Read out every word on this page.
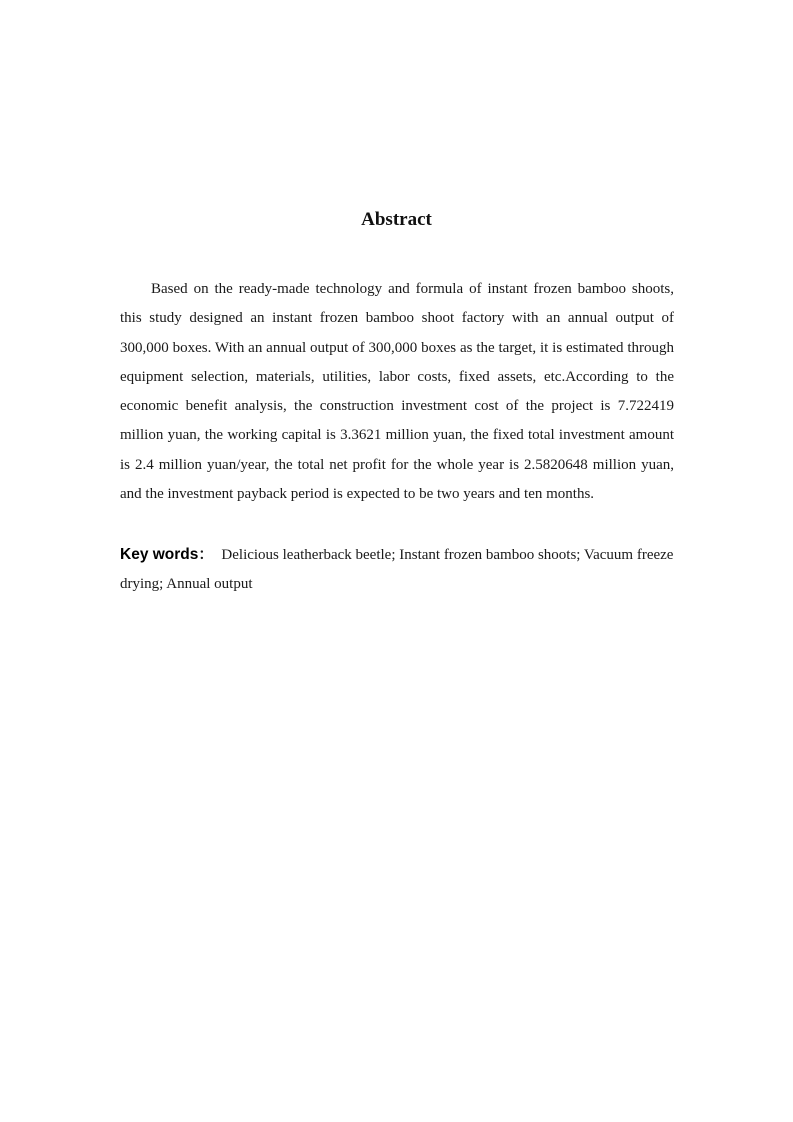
Abstract

Based on the ready-made technology and formula of instant frozen bamboo shoots, this study designed an instant frozen bamboo shoot factory with an annual output of 300,000 boxes. With an annual output of 300,000 boxes as the target, it is estimated through equipment selection, materials, utilities, labor costs, fixed assets, etc.According to the economic benefit analysis, the construction investment cost of the project is 7.722419 million yuan, the working capital is 3.3621 million yuan, the fixed total investment amount is 2.4 million yuan/year, the total net profit for the whole year is 2.5820648 million yuan, and the investment payback period is expected to be two years and ten months.

Key words： Delicious leatherback beetle; Instant frozen bamboo shoots; Vacuum freeze drying; Annual output
